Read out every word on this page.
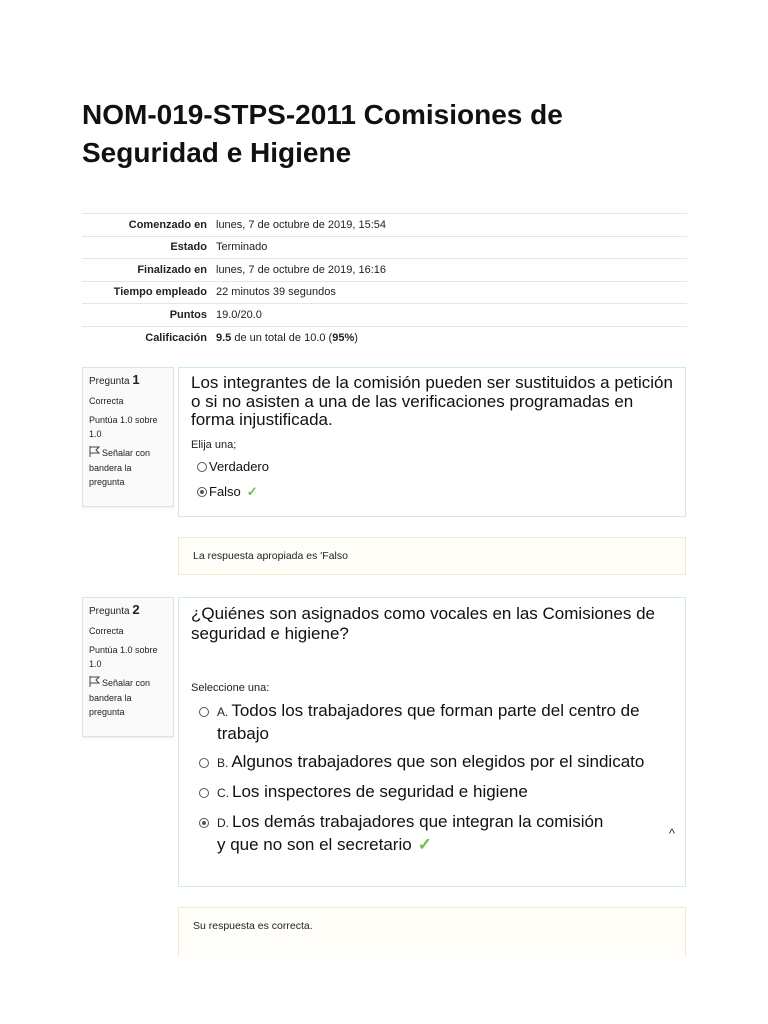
NOM-019-STPS-2011 Comisiones de Seguridad e Higiene
Comenzado en	lunes, 7 de octubre de 2019, 15:54
Estado	Terminado
Finalizado en	lunes, 7 de octubre de 2019, 16:16
Tiempo empleado	22 minutos 39 segundos
Puntos	19.0/20.0
Calificación	9.5 de un total de 10.0 (95%)
Pregunta 1
Correcta
Puntúa 1.0 sobre 1.0
Señalar con bandera la pregunta

Los integrantes de la comisión pueden ser sustituidos a petición o si no asisten a una de las verificaciones programadas en forma injustificada.

Elija una;
Verdadero
Falso ✓
La respuesta apropiada es 'Falso
Pregunta 2
Correcta
Puntúa 1.0 sobre 1.0
Señalar con bandera la pregunta

¿Quiénes son asignados como vocales en las Comisiones de seguridad e higiene?

Seleccione una:
A. Todos los trabajadores que forman parte del centro de trabajo
B. Algunos trabajadores que son elegidos por el sindicato
C. Los inspectores de seguridad e higiene
D. Los demás trabajadores que integran la comisión y que no son el secretario ✓
^
Su respuesta es correcta.
